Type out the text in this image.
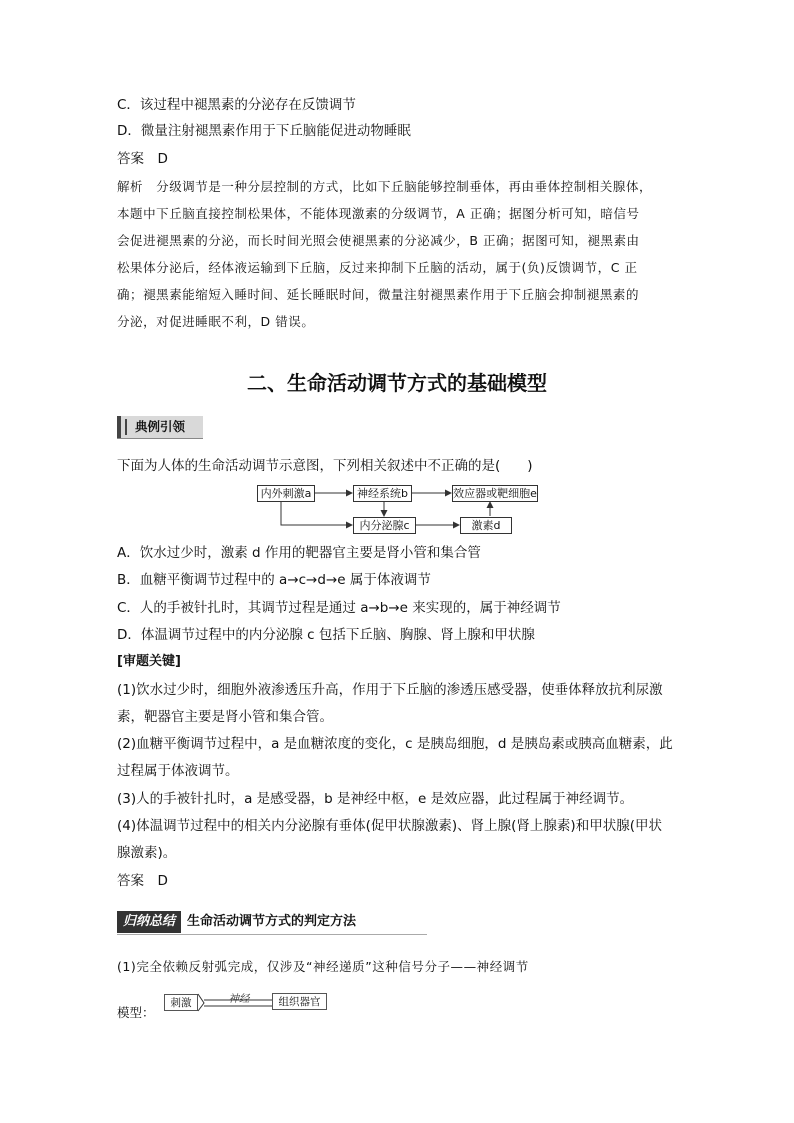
C．该过程中褪黑素的分泌存在反馈调节
D．微量注射褪黑素作用于下丘脑能促进动物睡眠
答案　D
解析　分级调节是一种分层控制的方式，比如下丘脑能够控制垂体，再由垂体控制相关腺体，
本题中下丘脑直接控制松果体，不能体现激素的分级调节，A 正确；据图分析可知，暗信号
会促进褪黑素的分泌，而长时间光照会使褪黑素的分泌减少，B 正确；据图可知，褪黑素由
松果体分泌后，经体液运输到下丘脑，反过来抑制下丘脑的活动，属于(负)反馈调节，C 正
确；褪黑素能缩短入睡时间、延长睡眠时间，微量注射褪黑素作用于下丘脑会抑制褪黑素的
分泌，对促进睡眠不利，D 错误。
二、生命活动调节方式的基础模型
典例引领
下面为人体的生命活动调节示意图，下列相关叙述中不正确的是(　　)
内外刺激a	神经系统b	效应器或靶细胞e
内分泌腺c	激素d
A．饮水过少时，激素 d 作用的靶器官主要是肾小管和集合管
B．血糖平衡调节过程中的 a→c→d→e 属于体液调节
C．人的手被针扎时，其调节过程是通过 a→b→e 来实现的，属于神经调节
D．体温调节过程中的内分泌腺 c 包括下丘脑、胸腺、肾上腺和甲状腺
[审题关键]
(1)饮水过少时，细胞外液渗透压升高，作用于下丘脑的渗透压感受器，使垂体释放抗利尿激
素，靶器官主要是肾小管和集合管。
(2)血糖平衡调节过程中，a 是血糖浓度的变化，c 是胰岛细胞，d 是胰岛素或胰高血糖素，此
过程属于体液调节。
(3)人的手被针扎时，a 是感受器，b 是神经中枢，e 是效应器，此过程属于神经调节。
(4)体温调节过程中的相关内分泌腺有垂体(促甲状腺激素)、肾上腺(肾上腺素)和甲状腺(甲状
腺激素)。
答案　D
归纳总结 生命活动调节方式的判定方法
(1)完全依赖反射弧完成，仅涉及“神经递质”这种信号分子——神经调节
模型：
刺激	神经	组织器官
